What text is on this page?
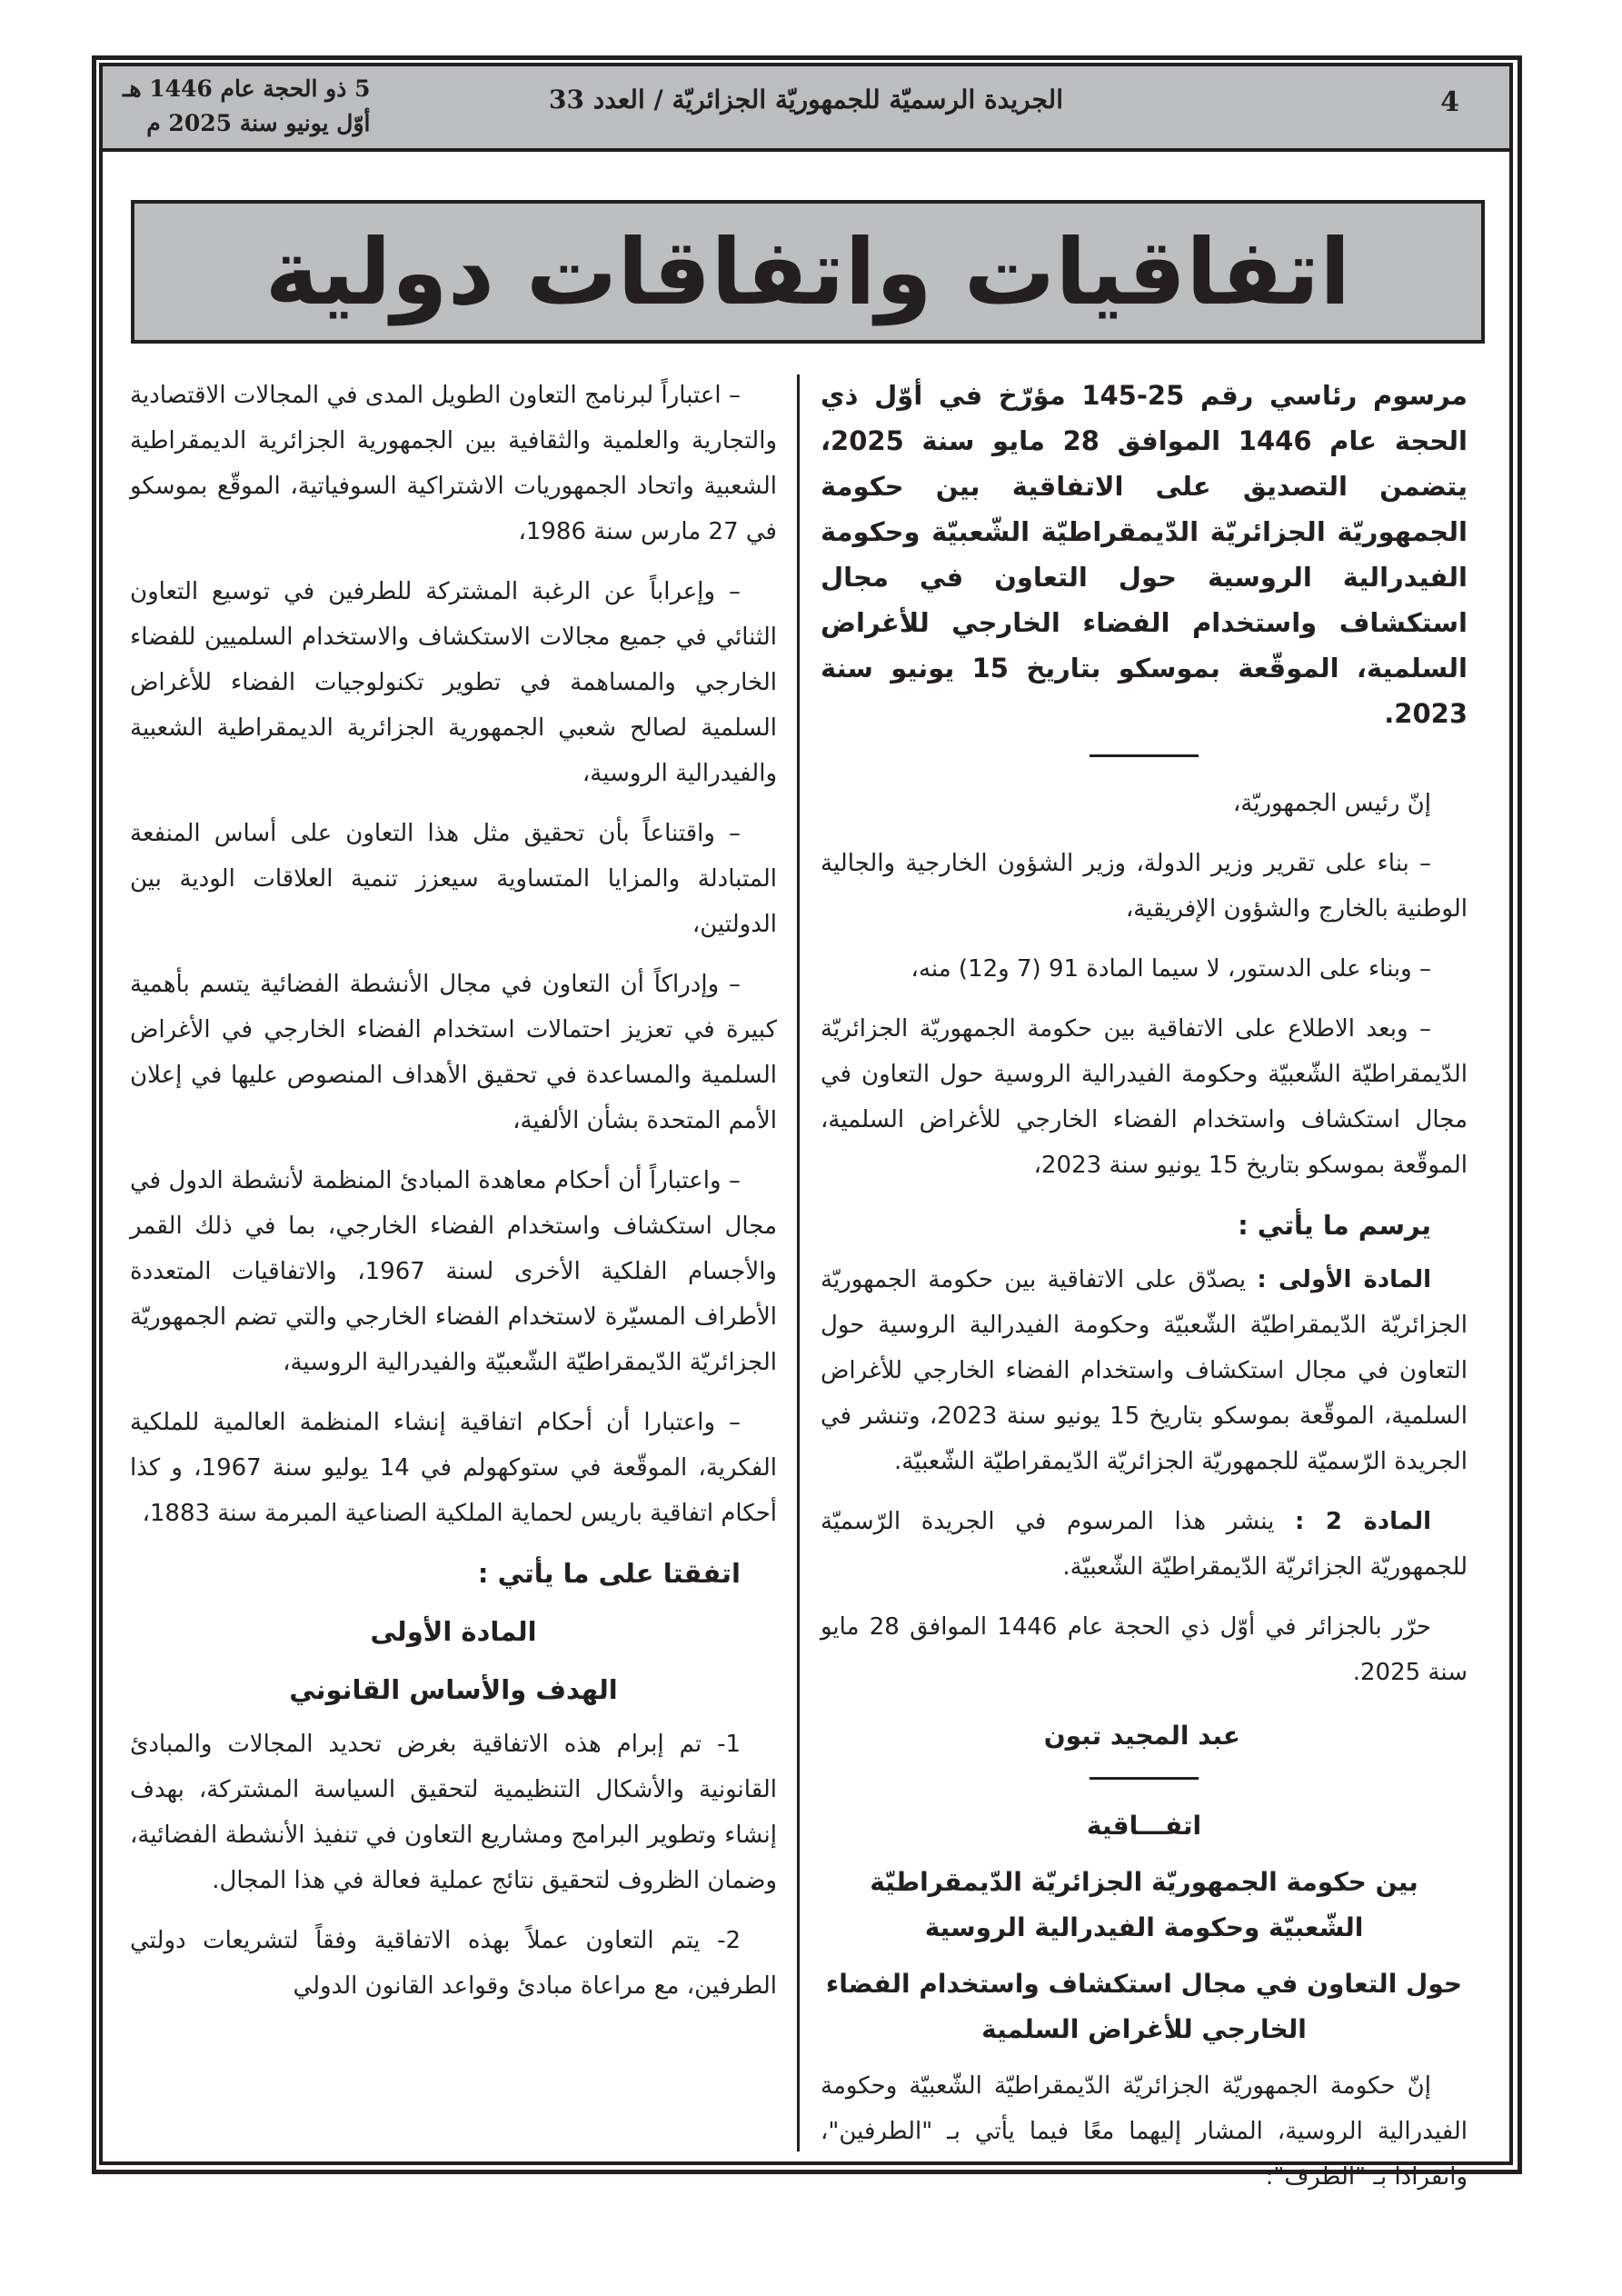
4
الجريدة الرسميّة للجمهوريّة الجزائريّة / العدد 33
5 ذو الحجة عام 1446 هـ
أوّل يونيو سنة 2025 م
اتفاقيات واتفاقات دولية

مرسوم رئاسي رقم 25-145 مؤرّخ في أوّل ذي الحجة عام 1446 الموافق 28 مايو سنة 2025، يتضمن التصديق على الاتفاقية بين حكومة الجمهوريّة الجزائريّة الدّيمقراطيّة الشّعبيّة وحكومة الفيدرالية الروسية حول التعاون في مجال استكشاف واستخدام الفضاء الخارجي للأغراض السلمية، الموقّعة بموسكو بتاريخ 15 يونيو سنة 2023.

إنّ رئيس الجمهوريّة،

– بناء على تقرير وزير الدولة، وزير الشؤون الخارجية والجالية الوطنية بالخارج والشؤون الإفريقية،

– وبناء على الدستور، لا سيما المادة 91 (7 و12) منه،

– وبعد الاطلاع على الاتفاقية بين حكومة الجمهوريّة الجزائريّة الدّيمقراطيّة الشّعبيّة وحكومة الفيدرالية الروسية حول التعاون في مجال استكشاف واستخدام الفضاء الخارجي للأغراض السلمية، الموقّعة بموسكو بتاريخ 15 يونيو سنة 2023،

يرسم ما يأتي :

المادة الأولى : يصدّق على الاتفاقية بين حكومة الجمهوريّة الجزائريّة الدّيمقراطيّة الشّعبيّة وحكومة الفيدرالية الروسية حول التعاون في مجال استكشاف واستخدام الفضاء الخارجي للأغراض السلمية، الموقّعة بموسكو بتاريخ 15 يونيو سنة 2023، وتنشر في الجريدة الرّسميّة للجمهوريّة الجزائريّة الدّيمقراطيّة الشّعبيّة.

المادة 2 : ينشر هذا المرسوم في الجريدة الرّسميّة للجمهوريّة الجزائريّة الدّيمقراطيّة الشّعبيّة.

حرّر بالجزائر في أوّل ذي الحجة عام 1446 الموافق 28 مايو سنة 2025.

عبد المجيد تبون

اتفـــاقية

بين حكومة الجمهوريّة الجزائريّة الدّيمقراطيّة الشّعبيّة وحكومة الفيدرالية الروسية

حول التعاون في مجال استكشاف واستخدام الفضاء الخارجي للأغراض السلمية

إنّ حكومة الجمهوريّة الجزائريّة الدّيمقراطيّة الشّعبيّة وحكومة الفيدرالية الروسية، المشار إليهما معًا فيما يأتي بـ "الطرفين"، وانفرادا بـ "الطرف":

– اعتباراً لبرنامج التعاون الطويل المدى في المجالات الاقتصادية والتجارية والعلمية والثقافية بين الجمهورية الجزائرية الديمقراطية الشعبية واتحاد الجمهوريات الاشتراكية السوفياتية، الموقّع بموسكو في 27 مارس سنة 1986،

– وإعراباً عن الرغبة المشتركة للطرفين في توسيع التعاون الثنائي في جميع مجالات الاستكشاف والاستخدام السلميين للفضاء الخارجي والمساهمة في تطوير تكنولوجيات الفضاء للأغراض السلمية لصالح شعبي الجمهورية الجزائرية الديمقراطية الشعبية والفيدرالية الروسية،

– واقتناعاً بأن تحقيق مثل هذا التعاون على أساس المنفعة المتبادلة والمزايا المتساوية سيعزز تنمية العلاقات الودية بين الدولتين،

– وإدراكاً أن التعاون في مجال الأنشطة الفضائية يتسم بأهمية كبيرة في تعزيز احتمالات استخدام الفضاء الخارجي في الأغراض السلمية والمساعدة في تحقيق الأهداف المنصوص عليها في إعلان الأمم المتحدة بشأن الألفية،

– واعتباراً أن أحكام معاهدة المبادئ المنظمة لأنشطة الدول في مجال استكشاف واستخدام الفضاء الخارجي، بما في ذلك القمر والأجسام الفلكية الأخرى لسنة 1967، والاتفاقيات المتعددة الأطراف المسيّرة لاستخدام الفضاء الخارجي والتي تضم الجمهوريّة الجزائريّة الدّيمقراطيّة الشّعبيّة والفيدرالية الروسية،

– واعتبارا أن أحكام اتفاقية إنشاء المنظمة العالمية للملكية الفكرية، الموقّعة في ستوكهولم في 14 يوليو سنة 1967، و كذا أحكام اتفاقية باريس لحماية الملكية الصناعية المبرمة سنة 1883،

اتفقتا على ما يأتي :

المادة الأولى

الهدف والأساس القانوني

1- تم إبرام هذه الاتفاقية بغرض تحديد المجالات والمبادئ القانونية والأشكال التنظيمية لتحقيق السياسة المشتركة، بهدف إنشاء وتطوير البرامج ومشاريع التعاون في تنفيذ الأنشطة الفضائية، وضمان الظروف لتحقيق نتائج عملية فعالة في هذا المجال.

2- يتم التعاون عملاً بهذه الاتفاقية وفقاً لتشريعات دولتي الطرفين، مع مراعاة مبادئ وقواعد القانون الدولي
